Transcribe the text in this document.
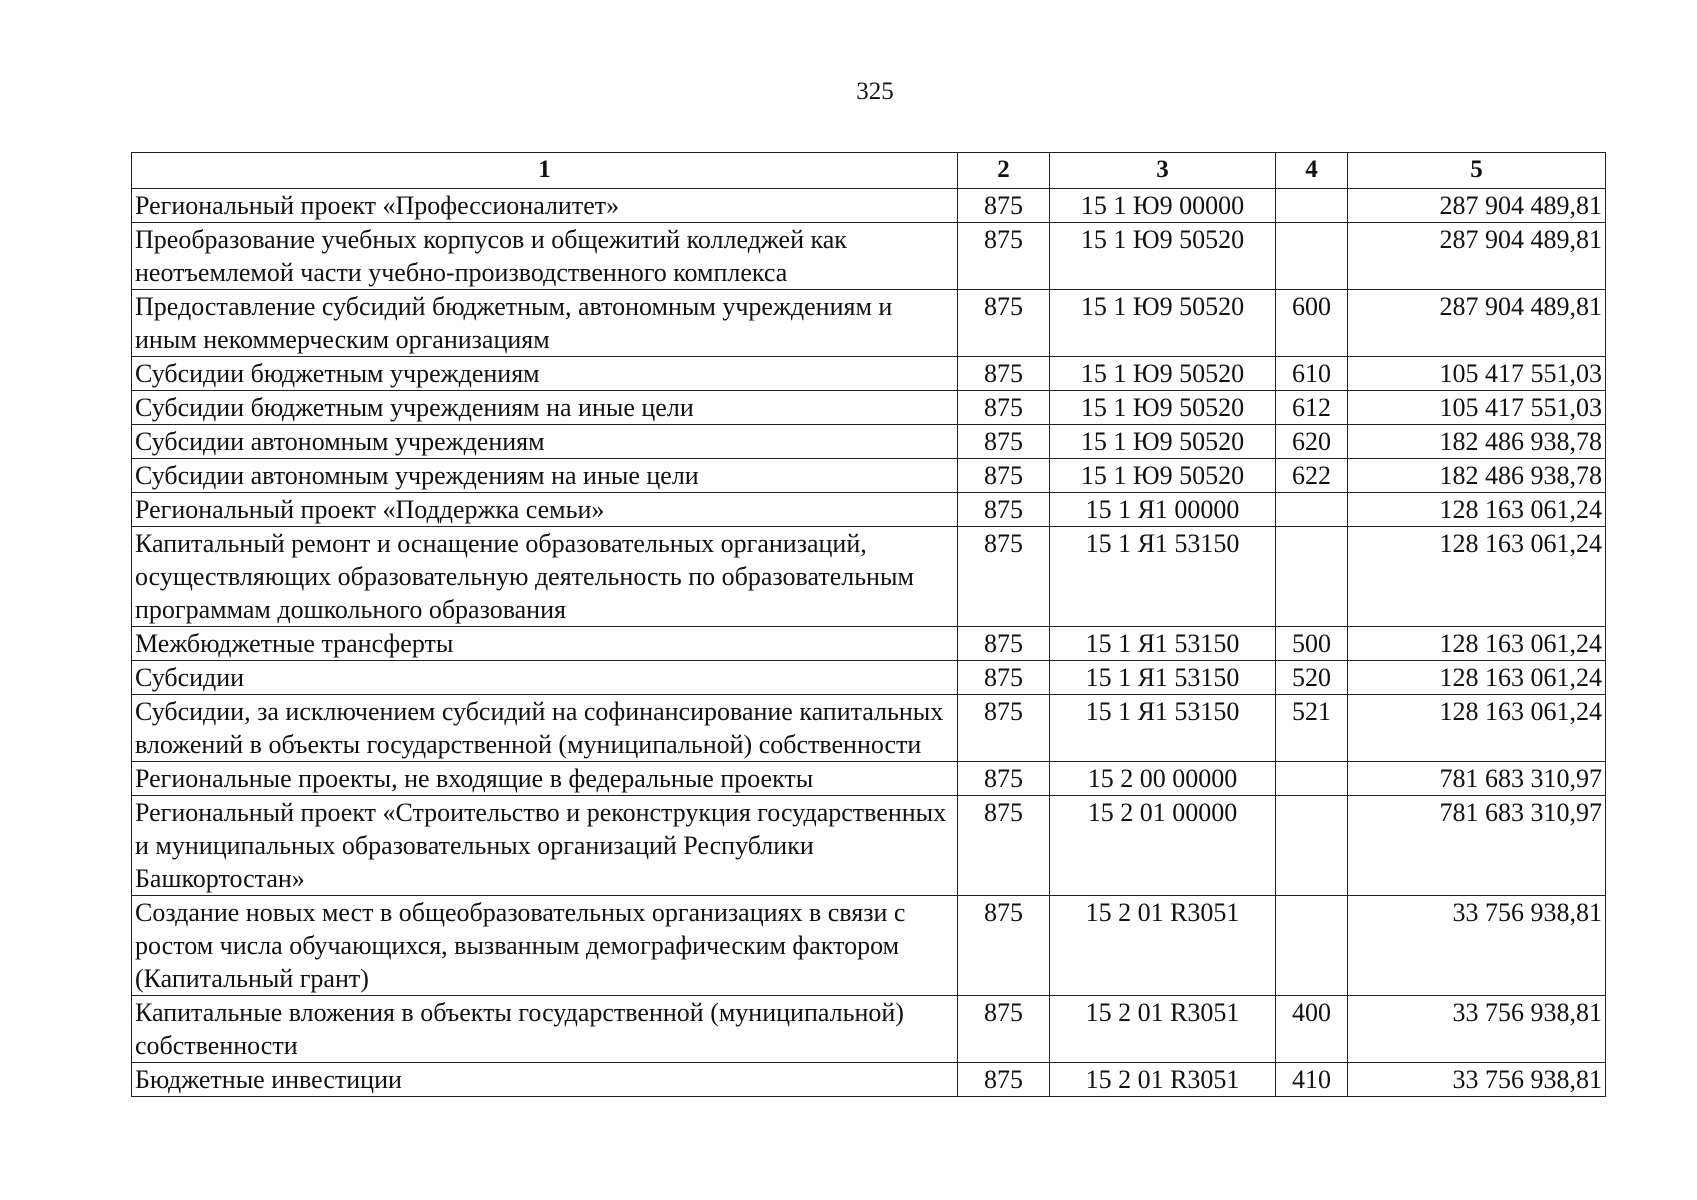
325
1	2	3	4	5
Региональный проект «Профессионалитет»	875	15 1 Ю9 00000		287 904 489,81
Преобразование учебных корпусов и общежитий колледжей как неотъемлемой части учебно-производственного комплекса	875	15 1 Ю9 50520		287 904 489,81
Предоставление субсидий бюджетным, автономным учреждениям и иным некоммерческим организациям	875	15 1 Ю9 50520	600	287 904 489,81
Субсидии бюджетным учреждениям	875	15 1 Ю9 50520	610	105 417 551,03
Субсидии бюджетным учреждениям на иные цели	875	15 1 Ю9 50520	612	105 417 551,03
Субсидии автономным учреждениям	875	15 1 Ю9 50520	620	182 486 938,78
Субсидии автономным учреждениям на иные цели	875	15 1 Ю9 50520	622	182 486 938,78
Региональный проект «Поддержка семьи»	875	15 1 Я1 00000		128 163 061,24
Капитальный ремонт и оснащение образовательных организаций, осуществляющих образовательную деятельность по образовательным программам дошкольного образования	875	15 1 Я1 53150		128 163 061,24
Межбюджетные трансферты	875	15 1 Я1 53150	500	128 163 061,24
Субсидии	875	15 1 Я1 53150	520	128 163 061,24
Субсидии, за исключением субсидий на софинансирование капитальных вложений в объекты государственной (муниципальной) собственности	875	15 1 Я1 53150	521	128 163 061,24
Региональные проекты, не входящие в федеральные проекты	875	15 2 00 00000		781 683 310,97
Региональный проект «Строительство и реконструкция государственных и муниципальных образовательных организаций Республики Башкортостан»	875	15 2 01 00000		781 683 310,97
Создание новых мест в общеобразовательных организациях в связи с ростом числа обучающихся, вызванным демографическим фактором (Капитальный грант)	875	15 2 01 R3051		33 756 938,81
Капитальные вложения в объекты государственной (муниципальной) собственности	875	15 2 01 R3051	400	33 756 938,81
Бюджетные инвестиции	875	15 2 01 R3051	410	33 756 938,81
